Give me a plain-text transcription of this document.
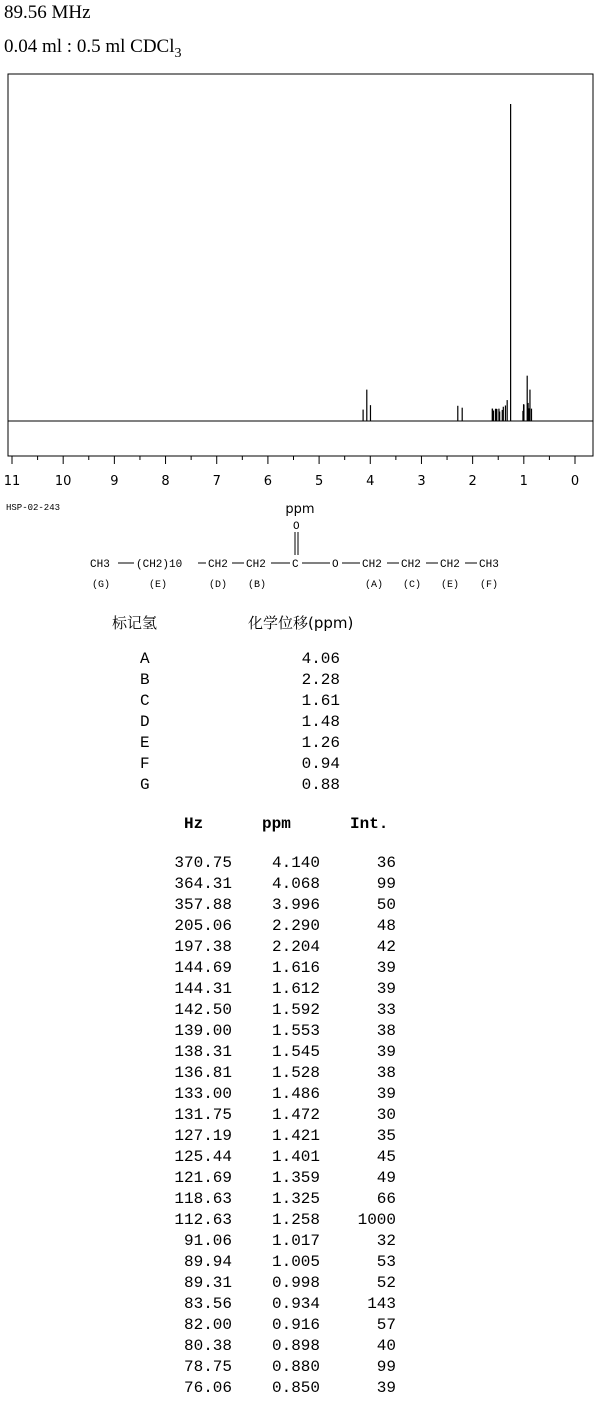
89.56 MHz
0.04 ml : 0.5 ml CDCl$_3$
11	10	9	8	7	6	5	4	3	2	1	0
ppm
HSP-02-243
O
CH3 (CH2)10 CH2 CH2 C	O CH2 CH2 CH2 CH3
(G)	(E)	(D) (B)	(A) (C) (E) (F)
标记氢	化学位移(ppm)
A	4.06
B	2.28
C	1.61
D	1.48
E	1.26
F	0.94
G	0.88
Hz	ppm	Int.
370.75	4.140	36
364.31	4.068	99
357.88	3.996	50
205.06	2.290	48
197.38	2.204	42
144.69	1.616	39
144.31	1.612	39
142.50	1.592	33
139.00	1.553	38
138.31	1.545	39
136.81	1.528	38
133.00	1.486	39
131.75	1.472	30
127.19	1.421	35
125.44	1.401	45
121.69	1.359	49
118.63	1.325	66
112.63	1.258	1000
91.06	1.017	32
89.94	1.005	53
89.31	0.998	52
83.56	0.934	143
82.00	0.916	57
80.38	0.898	40
78.75	0.880	99
76.06	0.850	39
